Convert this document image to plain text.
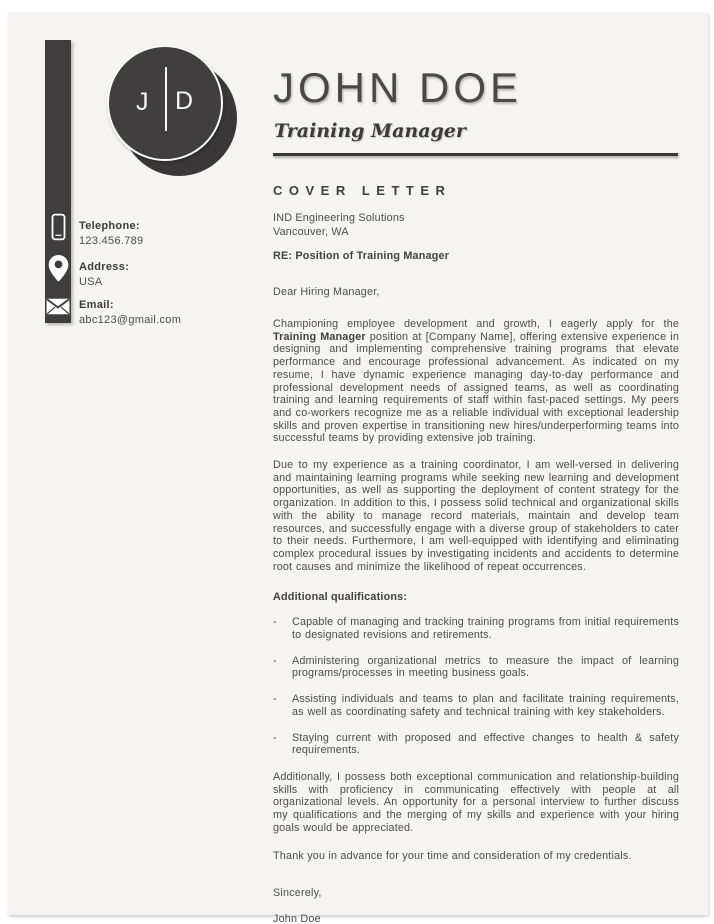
J D JOHN DOE
Training Manager
Telephone:
123.456.789
Address:
USA
Email:
abc123@gmail.com
COVER LETTER
IND Engineering Solutions
Vancouver, WA
RE: Position of Training Manager
Dear Hiring Manager,

Championing employee development and growth, I eagerly apply for the Training Manager position at [Company Name], offering extensive experience in designing and implementing comprehensive training programs that elevate performance and encourage professional advancement. As indicated on my resume, I have dynamic experience managing day-to-day performance and professional development needs of assigned teams, as well as coordinating training and learning requirements of staff within fast-paced settings. My peers and co-workers recognize me as a reliable individual with exceptional leadership skills and proven expertise in transitioning new hires/underperforming teams into successful teams by providing extensive job training.

Due to my experience as a training coordinator, I am well-versed in delivering and maintaining learning programs while seeking new learning and development opportunities, as well as supporting the deployment of content strategy for the organization. In addition to this, I possess solid technical and organizational skills with the ability to manage record materials, maintain and develop team resources, and successfully engage with a diverse group of stakeholders to cater to their needs. Furthermore, I am well-equipped with identifying and eliminating complex procedural issues by investigating incidents and accidents to determine root causes and minimize the likelihood of repeat occurrences.

Additional qualifications:
-	Capable of managing and tracking training programs from initial requirements to designated revisions and retirements.
-	Administering organizational metrics to measure the impact of learning programs/processes in meeting business goals.
-	Assisting individuals and teams to plan and facilitate training requirements, as well as coordinating safety and technical training with key stakeholders.
-	Staying current with proposed and effective changes to health & safety requirements.

Additionally, I possess both exceptional communication and relationship-building skills with proficiency in communicating effectively with people at all organizational levels. An opportunity for a personal interview to further discuss my qualifications and the merging of my skills and experience with your hiring goals would be appreciated.

Thank you in advance for your time and consideration of my credentials.
Sincerely,
John Doe
